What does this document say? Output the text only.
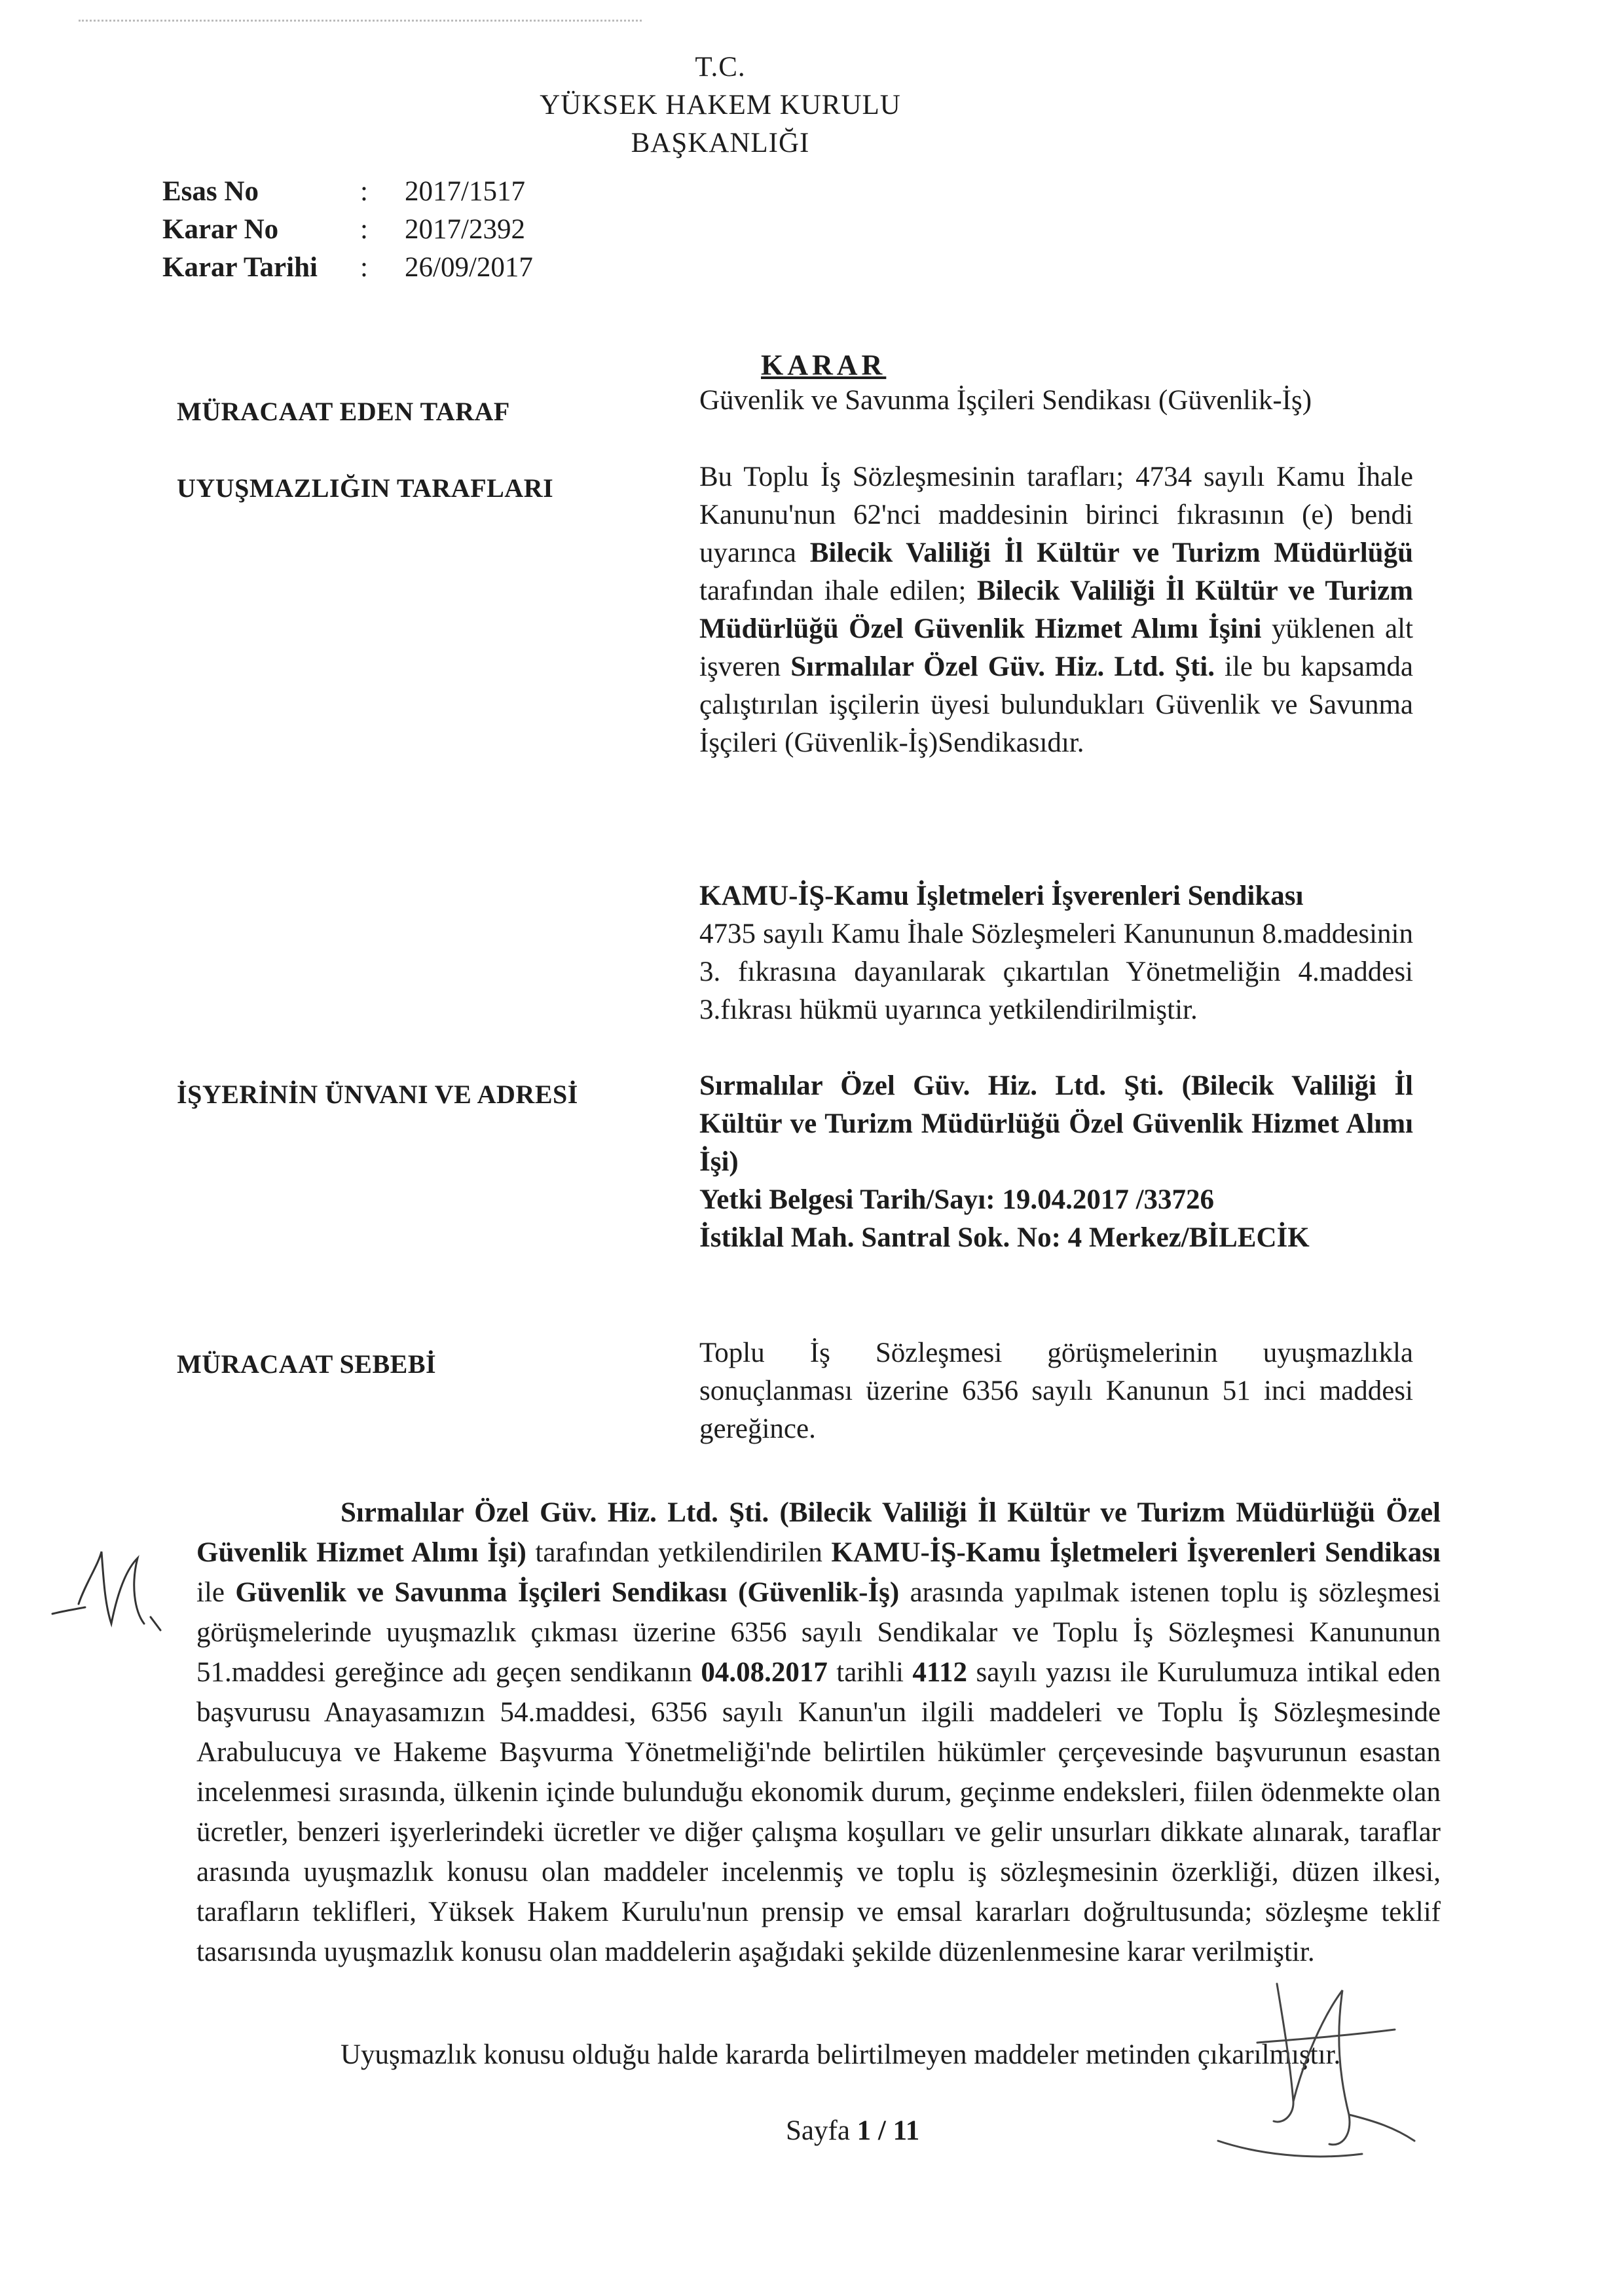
T.C.
YÜKSEK HAKEM KURULU
BAŞKANLIĞI
Esas No	: 2017/1517
Karar No	: 2017/2392
Karar Tarihi : 26/09/2017
KARAR
MÜRACAAT EDEN TARAF	Güvenlik ve Savunma İşçileri Sendikası (Güvenlik-İş)
UYUŞMAZLIĞIN TARAFLARI	Bu Toplu İş Sözleşmesinin tarafları; 4734 sayılı Kamu İhale Kanunu'nun 62'nci maddesinin birinci fıkrasının (e) bendi uyarınca Bilecik Valiliği İl Kültür ve Turizm Müdürlüğü tarafından ihale edilen; Bilecik Valiliği İl Kültür ve Turizm Müdürlüğü Özel Güvenlik Hizmet Alımı İşini yüklenen alt işveren Sırmalılar Özel Güv. Hiz. Ltd. Şti. ile bu kapsamda çalıştırılan işçilerin üyesi bulundukları Güvenlik ve Savunma İşçileri (Güvenlik-İş)Sendikasıdır.
KAMU-İŞ-Kamu İşletmeleri İşverenleri Sendikası
4735 sayılı Kamu İhale Sözleşmeleri Kanununun 8.maddesinin 3. fıkrasına dayanılarak çıkartılan Yönetmeliğin 4.maddesi 3.fıkrası hükmü uyarınca yetkilendirilmiştir.
İŞYERİNİN ÜNVANI VE ADRESİ	Sırmalılar Özel Güv. Hiz. Ltd. Şti. (Bilecik Valiliği İl Kültür ve Turizm Müdürlüğü Özel Güvenlik Hizmet Alımı İşi)
Yetki Belgesi Tarih/Sayı: 19.04.2017 /33726
İstiklal Mah. Santral Sok. No: 4 Merkez/BİLECİK
MÜRACAAT SEBEBİ	Toplu İş Sözleşmesi görüşmelerinin uyuşmazlıkla sonuçlanması üzerine 6356 sayılı Kanunun 51 inci maddesi gereğince.
Sırmalılar Özel Güv. Hiz. Ltd. Şti. (Bilecik Valiliği İl Kültür ve Turizm Müdürlüğü Özel Güvenlik Hizmet Alımı İşi) tarafından yetkilendirilen KAMU-İŞ-Kamu İşletmeleri İşverenleri Sendikası ile Güvenlik ve Savunma İşçileri Sendikası (Güvenlik-İş) arasında yapılmak istenen toplu iş sözleşmesi görüşmelerinde uyuşmazlık çıkması üzerine 6356 sayılı Sendikalar ve Toplu İş Sözleşmesi Kanununun 51.maddesi gereğince adı geçen sendikanın 04.08.2017 tarihli 4112 sayılı yazısı ile Kurulumuza intikal eden başvurusu Anayasamızın 54.maddesi, 6356 sayılı Kanun'un ilgili maddeleri ve Toplu İş Sözleşmesinde Arabulucuya ve Hakeme Başvurma Yönetmeliği'nde belirtilen hükümler çerçevesinde başvurunun esastan incelenmesi sırasında, ülkenin içinde bulunduğu ekonomik durum, geçinme endeksleri, fiilen ödenmekte olan ücretler, benzeri işyerlerindeki ücretler ve diğer çalışma koşulları ve gelir unsurları dikkate alınarak, taraflar arasında uyuşmazlık konusu olan maddeler incelenmiş ve toplu iş sözleşmesinin özerkliği, düzen ilkesi, tarafların teklifleri, Yüksek Hakem Kurulu'nun prensip ve emsal kararları doğrultusunda; sözleşme teklif tasarısında uyuşmazlık konusu olan maddelerin aşağıdaki şekilde düzenlenmesine karar verilmiştir.
Uyuşmazlık konusu olduğu halde kararda belirtilmeyen maddeler metinden çıkarılmıştır.
Sayfa 1 / 11
